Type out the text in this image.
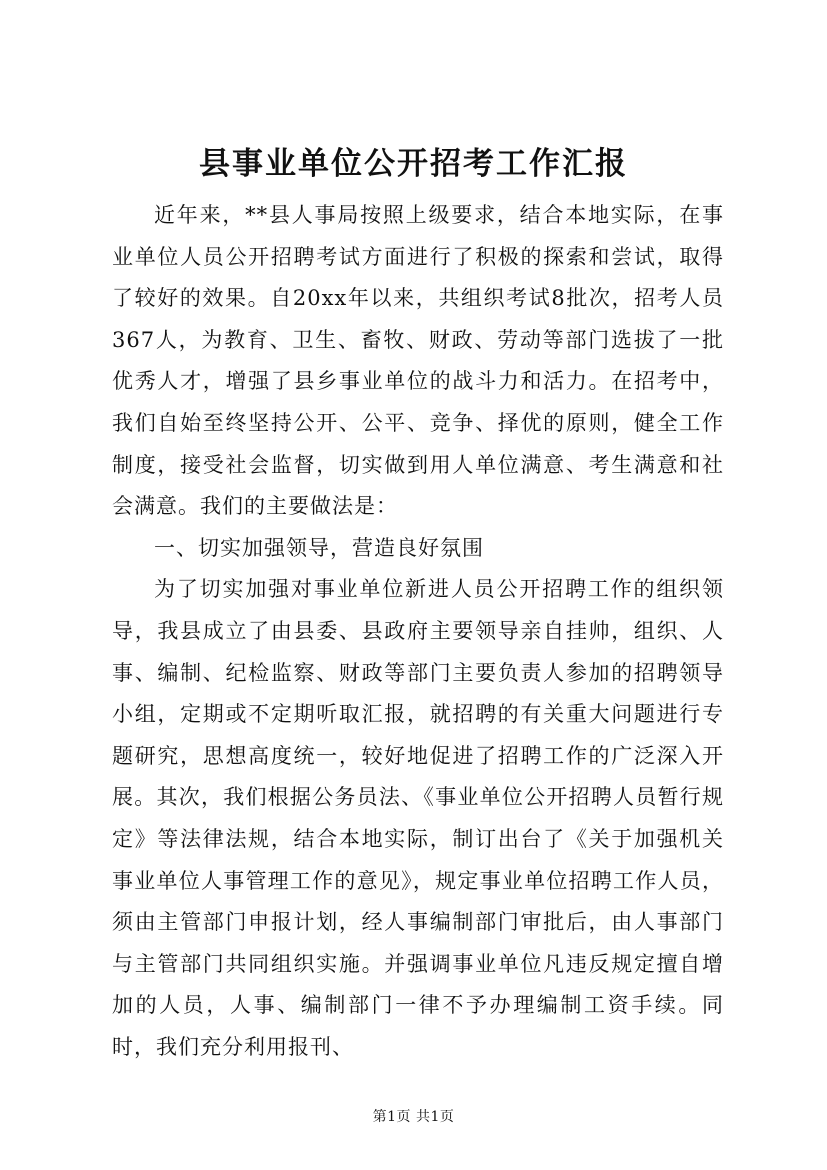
县事业单位公开招考工作汇报

近年来，**县人事局按照上级要求，结合本地实际，在事业单位人员公开招聘考试方面进行了积极的探索和尝试，取得了较好的效果。自20xx年以来，共组织考试8批次，招考人员367人，为教育、卫生、畜牧、财政、劳动等部门选拔了一批优秀人才，增强了县乡事业单位的战斗力和活力。在招考中，我们自始至终坚持公开、公平、竞争、择优的原则，健全工作制度，接受社会监督，切实做到用人单位满意、考生满意和社会满意。我们的主要做法是：

一、切实加强领导，营造良好氛围

为了切实加强对事业单位新进人员公开招聘工作的组织领导，我县成立了由县委、县政府主要领导亲自挂帅，组织、人事、编制、纪检监察、财政等部门主要负责人参加的招聘领导小组，定期或不定期听取汇报，就招聘的有关重大问题进行专题研究，思想高度统一，较好地促进了招聘工作的广泛深入开展。其次，我们根据公务员法、《事业单位公开招聘人员暂行规定》等法律法规，结合本地实际，制订出台了《关于加强机关事业单位人事管理工作的意见》，规定事业单位招聘工作人员，须由主管部门申报计划，经人事编制部门审批后，由人事部门与主管部门共同组织实施。并强调事业单位凡违反规定擅自增加的人员，人事、编制部门一律不予办理编制工资手续。同时，我们充分利用报刊、

第1页 共1页
